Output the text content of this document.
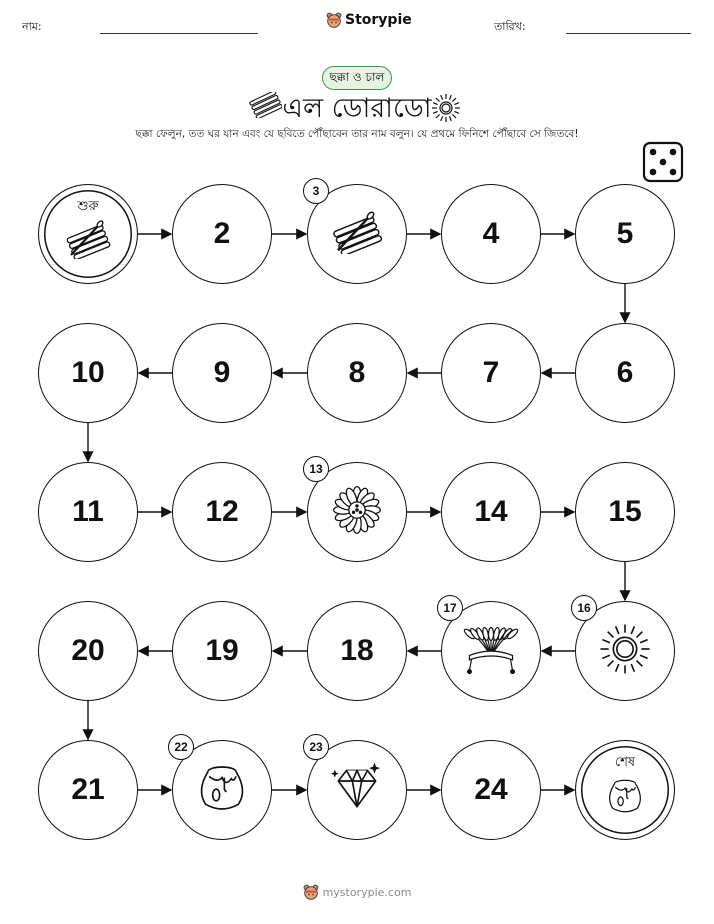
নাম:	Storypie	তারিখ:
ছক্কা ও চাল
এল ডোরাডো
ছক্কা ফেলুন, তত ঘর যান এবং যে ছবিতে পৌঁছাবেন তার নাম বলুন। যে প্রথমে ফিনিশে পৌঁছাবে সে জিতবে!
শুরু
2
3
4	5
6
7
8
9
10
11	12
13
14	15
16
17
18
19
20
21
22	23
24
শেষ
mystorypie.com
